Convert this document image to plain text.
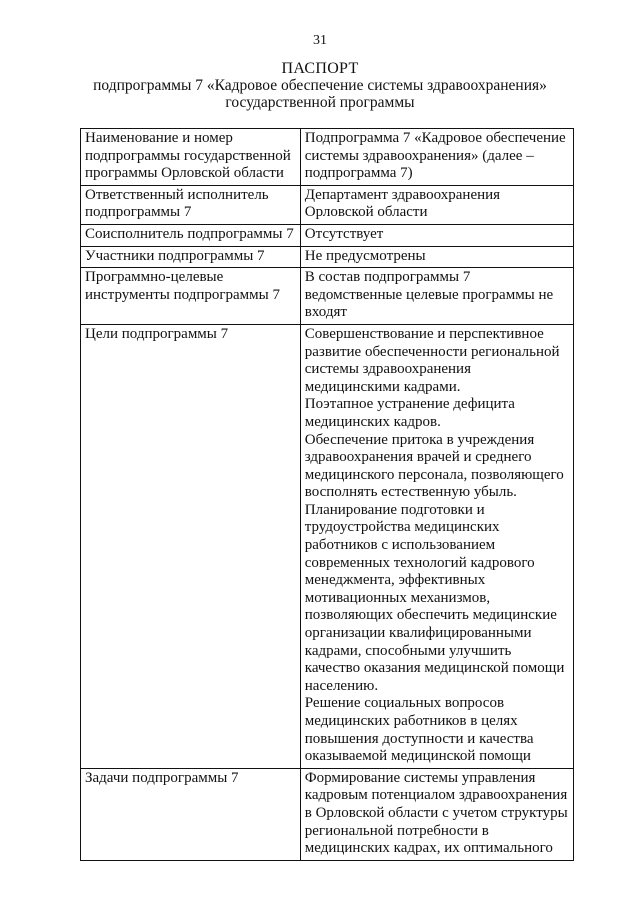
31
ПАСПОРТ
подпрограммы 7 «Кадровое обеспечение системы здравоохранения»
государственной программы
Наименование и номер подпрограммы государственной программы Орловской области	Подпрограмма 7 «Кадровое обеспечение системы здравоохранения» (далее – подпрограмма 7)

Ответственный исполнитель подпрограммы 7	Департамент здравоохранения Орловской области

Соисполнитель подпрограммы 7	Отсутствует

Участники подпрограммы 7	Не предусмотрены

Программно-целевые инструменты подпрограммы 7	В состав подпрограммы 7 ведомственные целевые программы не входят

Цели подпрограммы 7	Совершенствование и перспективное развитие обеспеченности региональной системы здравоохранения медицинскими кадрами.
Поэтапное устранение дефицита медицинских кадров.
Обеспечение притока в учреждения здравоохранения врачей и среднего медицинского персонала, позволяющего восполнять естественную убыль.
Планирование подготовки и трудоустройства медицинских работников с использованием современных технологий кадрового менеджмента, эффективных мотивационных механизмов, позволяющих обеспечить медицинские организации квалифицированными кадрами, способными улучшить качество оказания медицинской помощи населению.
Решение социальных вопросов медицинских работников в целях повышения доступности и качества оказываемой медицинской помощи

Задачи подпрограммы 7	Формирование системы управления кадровым потенциалом здравоохранения в Орловской области с учетом структуры региональной потребности в медицинских кадрах, их оптимального
